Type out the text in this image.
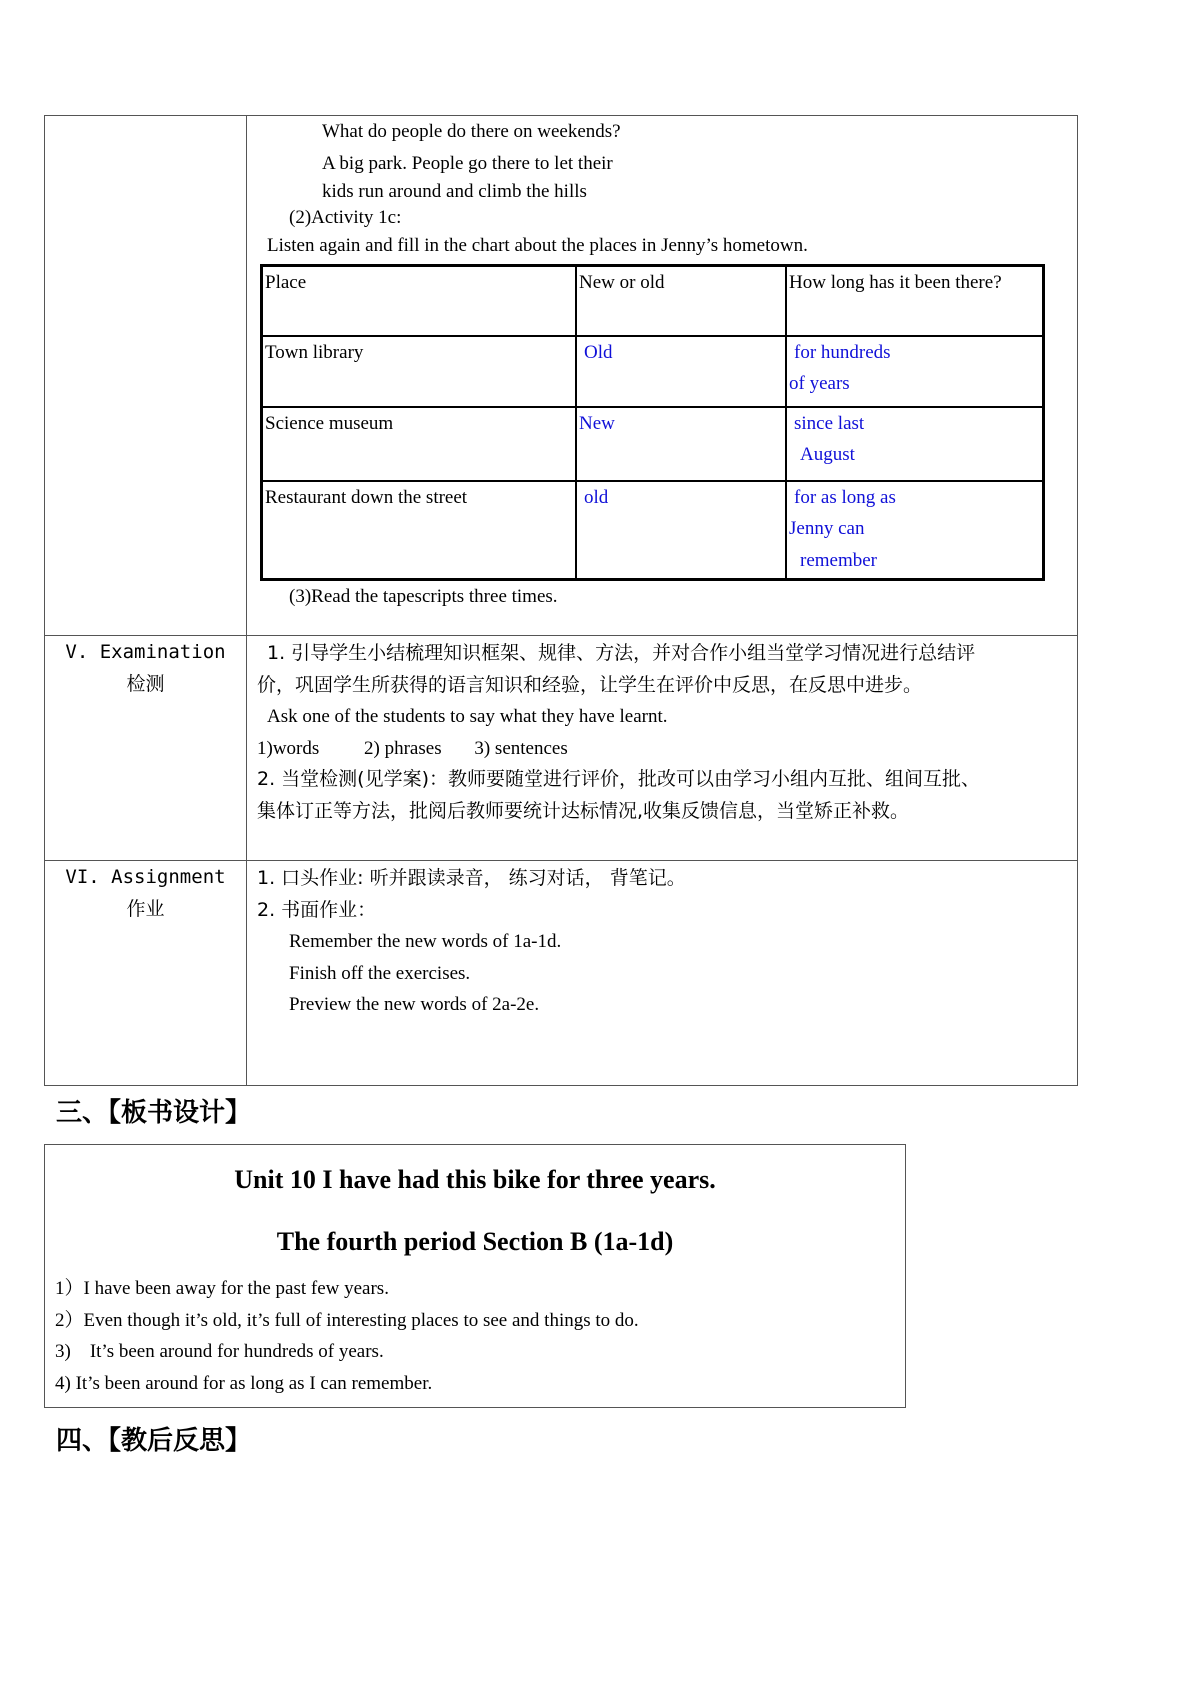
What do people do there on weekends?
A big park. People go there to let their
kids run around and climb the hills
(2)Activity 1c:
Listen again and fill in the chart about the places in Jenny’s hometown.
Place	New or old	How long has it been there?
Town library	Old	for hundreds
of years

Science museum	New	since last
August

Restaurant down the street	old	for as long as
Jenny can
remember
(3)Read the tapescripts three times.

V. Examination
检测

1. 引导学生小结梳理知识框架、规律、方法，并对合作小组当堂学习情况进行总结评
价，巩固学生所获得的语言知识和经验，让学生在评价中反思，在反思中进步。
Ask one of the students to say what they have learnt.
1)words 2) phrases 3) sentences
2. 当堂检测(见学案)：教师要随堂进行评价，批改可以由学习小组内互批、组间互批、
集体订正等方法，批阅后教师要统计达标情况,收集反馈信息，当堂矫正补救。

VI. Assignment
作业

1. 口头作业: 听并跟读录音， 练习对话， 背笔记。
2. 书面作业：
Remember the new words of 1a-1d.
Finish off the exercises.
Preview the new words of 2a-2e.
三、【板书设计】
Unit 10 I have had this bike for three years.
The fourth period Section B (1a-1d)
1）I have been away for the past few years.
2）Even though it’s old, it’s full of interesting places to see and things to do.
3)    It’s been around for hundreds of years.
4) It’s been around for as long as I can remember.
四、【教后反思】
